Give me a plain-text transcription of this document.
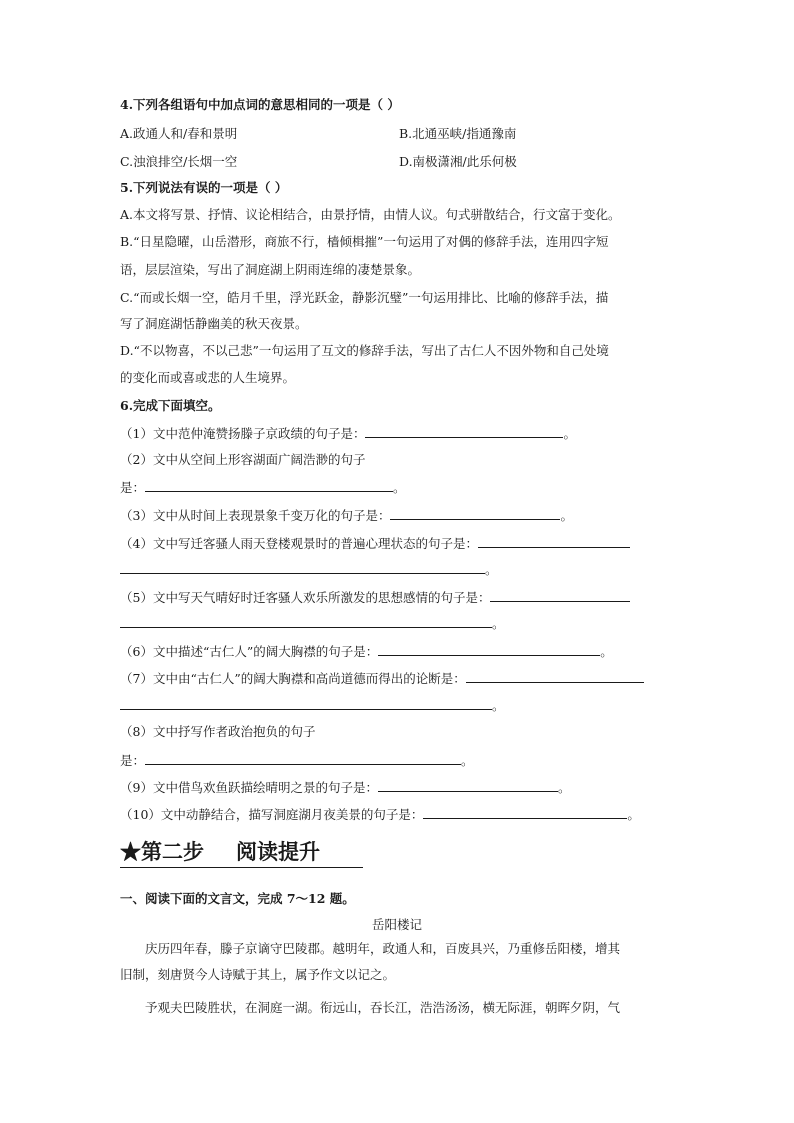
4.下列各组语句中加点词的意思相同的一项是（ ）
A.政通人和/春和景明	B.北通巫峡/指通豫南
C.浊浪排空/长烟一空	D.南极潇湘/此乐何极
5.下列说法有误的一项是（ ）
A.本文将写景、抒情、议论相结合，由景抒情，由情人议。句式骈散结合，行文富于变化。
B.“日星隐曜，山岳潜形，商旅不行，樯倾楫摧”一句运用了对偶的修辞手法，连用四字短
语，层层渲染，写出了洞庭湖上阴雨连绵的凄楚景象。
C.“而或长烟一空，皓月千里，浮光跃金，静影沉璧”一句运用排比、比喻的修辞手法，描
写了洞庭湖恬静幽美的秋天夜景。
D.“不以物喜，不以己悲”一句运用了互文的修辞手法，写出了古仁人不因外物和自己处境
的变化而或喜或悲的人生境界。
6.完成下面填空。
（1）文中范仲淹赞扬滕子京政绩的句子是：	。
（2）文中从空间上形容湖面广阔浩渺的句子
是：	。
（3）文中从时间上表现景象千变万化的句子是：	。
（4）文中写迁客骚人雨天登楼观景时的普遍心理状态的句子是：
。
（5）文中写天气晴好时迁客骚人欢乐所激发的思想感情的句子是：
。
（6）文中描述“古仁人”的阔大胸襟的句子是：	。
（7）文中由“古仁人”的阔大胸襟和高尚道德而得出的论断是：
。
（8）文中抒写作者政治抱负的句子
是：	。
（9）文中借鸟欢鱼跃描绘晴明之景的句子是：	。
（10）文中动静结合，描写洞庭湖月夜美景的句子是：	。
★第二步 阅读提升
一、阅读下面的文言文，完成 7～12 题。
岳阳楼记
庆历四年春，滕子京谪守巴陵郡。越明年，政通人和，百废具兴，乃重修岳阳楼，增其
旧制，刻唐贤今人诗赋于其上，属予作文以记之。
予观夫巴陵胜状，在洞庭一湖。衔远山，吞长江，浩浩汤汤，横无际涯，朝晖夕阴，气
